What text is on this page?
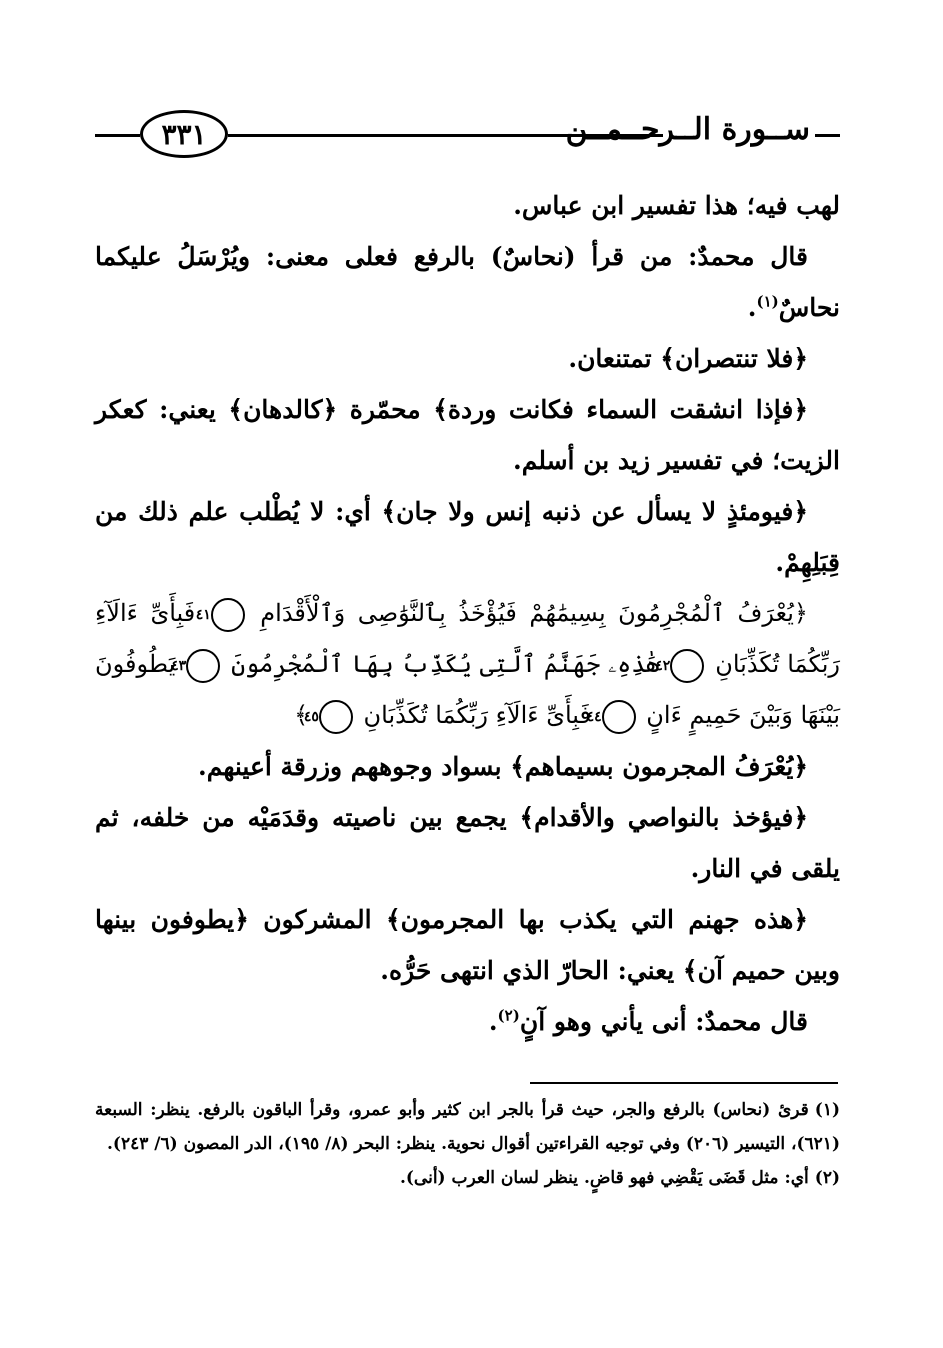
٣٣١	ســورة الــرحــمــن

لهب فيه؛ هذا تفسير ابن عباس.

قال محمدٌ: من قرأ (نحاسٌ) بالرفع فعلى معنى: ويُرْسَلُ عليكما نحاسٌ$^{(١)}$.

﴿فلا تنتصران﴾ تمتنعان.

﴿فإذا انشقت السماء فكانت وردة﴾ محمّرة ﴿كالدهان﴾ يعني: كعكر الزيت؛ في تفسير زيد بن أسلم.

﴿فيومئذٍ لا يسأل عن ذنبه إنس ولا جان﴾ أي: لا يُطْلب علم ذلك من قِبَلِهِمْ.

﴿يُعْرَفُ ٱلْمُجْرِمُونَ بِسِيمَٰهُمْ فَيُؤْخَذُ بِٱلنَّوَٰصِى وَٱلْأَقْدَامِ ٤١ فَبِأَىِّ ءَالَآءِ رَبِّكُمَا تُكَذِّبَانِ ٤٢ هَٰذِهِۦ جَهَنَّمُ ٱلَّتِى يُكَذِّبُ بِهَا ٱلْمُجْرِمُونَ ٤٣ يَطُوفُونَ بَيْنَهَا وَبَيْنَ حَمِيمٍ ءَانٍ ٤٤ فَبِأَىِّ ءَالَآءِ رَبِّكُمَا تُكَذِّبَانِ ٤٥ ﴾

﴿يُعْرَفُ المجرمون بسيماهم﴾ بسواد وجوههم وزرقة أعينهم.

﴿فيؤخذ بالنواصي والأقدام﴾ يجمع بين ناصيته وقدَمَيْه من خلفه، ثم يلقى في النار.

﴿هذه جهنم التي يكذب بها المجرمون﴾ المشركون ﴿يطوفون بينها وبين حميم آن﴾ يعني: الحارّ الذي انتهى حَرُّه.

قال محمدٌ: أنى يأني وهو آنٍ$^{(٢)}$.

(١)قرئ (نحاس) بالرفع والجر، حيث قرأ بالجر ابن كثير وأبو عمرو، وقرأ الباقون بالرفع. ينظر: السبعة (٦٢١)، التيسير (٢٠٦) وفي توجيه القراءتين أقوال نحوية. ينظر: البحر (٨/ ١٩٥)، الدر المصون (٦/ ٢٤٣).

(٢)أي: مثل قَضَى يَقْضِي فهو قاضٍ. ينظر لسان العرب (أنى).
